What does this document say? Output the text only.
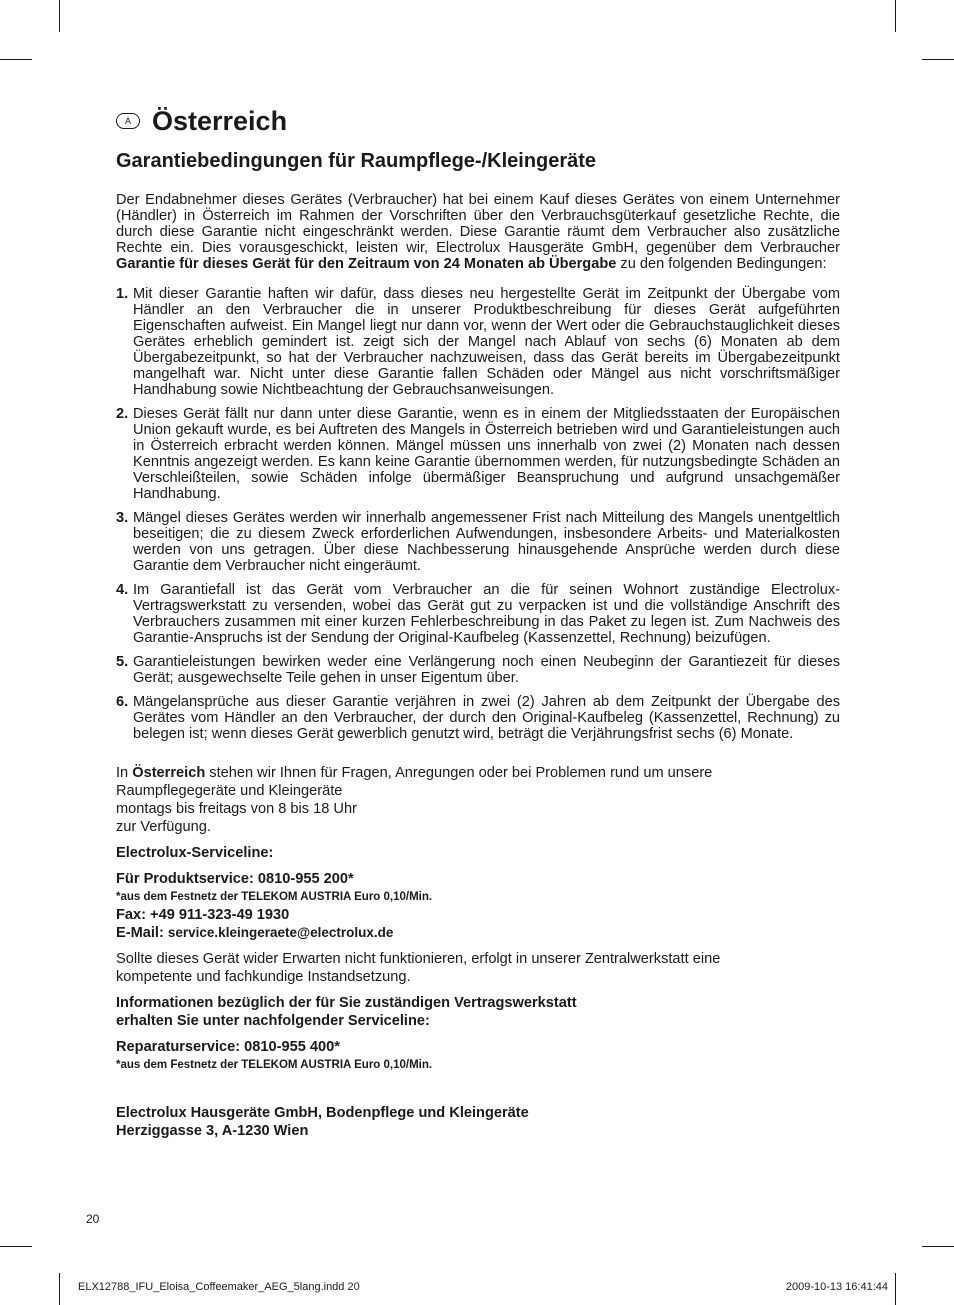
A Österreich
Garantiebedingungen für Raumpflege-/Kleingeräte

Der Endabnehmer dieses Gerätes (Verbraucher) hat bei einem Kauf dieses Gerätes von einem Unternehmer (Händler) in Österreich im Rahmen der Vorschriften über den Verbrauchsgüterkauf gesetzliche Rechte, die durch diese Garantie nicht eingeschränkt werden. Diese Garantie räumt dem Verbraucher also zusätzliche Rechte ein. Dies vorausgeschickt, leisten wir, Electrolux Hausgeräte GmbH, gegenüber dem Verbraucher Garantie für dieses Gerät für den Zeitraum von 24 Monaten ab Übergabe zu den folgenden Bedingungen:

1. Mit dieser Garantie haften wir dafür, dass dieses neu hergestellte Gerät im Zeitpunkt der Übergabe vom Händler an den Verbraucher die in unserer Produktbeschreibung für dieses Gerät aufgeführten Eigenschaften aufweist. Ein Mangel liegt nur dann vor, wenn der Wert oder die Gebrauchstauglichkeit dieses Gerätes erheblich gemindert ist. zeigt sich der Mangel nach Ablauf von sechs (6) Monaten ab dem Übergabezeitpunkt, so hat der Verbraucher nachzuweisen, dass das Gerät bereits im Übergabezeitpunkt mangelhaft war. Nicht unter diese Garantie fallen Schäden oder Mängel aus nicht vorschriftsmäßiger Handhabung sowie Nichtbeachtung der Gebrauchsanweisungen.
2. Dieses Gerät fällt nur dann unter diese Garantie, wenn es in einem der Mitgliedsstaaten der Europäischen Union gekauft wurde, es bei Auftreten des Mangels in Österreich betrieben wird und Garantieleistungen auch in Österreich erbracht werden können. Mängel müssen uns innerhalb von zwei (2) Monaten nach dessen Kenntnis angezeigt werden. Es kann keine Garantie übernommen werden, für nutzungsbedingte Schäden an Verschleißteilen, sowie Schäden infolge übermäßiger Beanspruchung und aufgrund unsachgemäßer Handhabung.
3. Mängel dieses Gerätes werden wir innerhalb angemessener Frist nach Mitteilung des Mangels unentgeltlich beseitigen; die zu diesem Zweck erforderlichen Aufwendungen, insbesondere Arbeits- und Materialkosten werden von uns getragen. Über diese Nachbesserung hinausgehende Ansprüche werden durch diese Garantie dem Verbraucher nicht eingeräumt.
4. Im Garantiefall ist das Gerät vom Verbraucher an die für seinen Wohnort zuständige Electrolux-Vertragswerkstatt zu versenden, wobei das Gerät gut zu verpacken ist und die vollständige Anschrift des Verbrauchers zusammen mit einer kurzen Fehlerbeschreibung in das Paket zu legen ist. Zum Nachweis des Garantie-Anspruchs ist der Sendung der Original-Kaufbeleg (Kassenzettel, Rechnung) beizufügen.
5. Garantieleistungen bewirken weder eine Verlängerung noch einen Neubeginn der Garantiezeit für dieses Gerät; ausgewechselte Teile gehen in unser Eigentum über.
6. Mängelansprüche aus dieser Garantie verjähren in zwei (2) Jahren ab dem Zeitpunkt der Übergabe des Gerätes vom Händler an den Verbraucher, der durch den Original-Kaufbeleg (Kassenzettel, Rechnung) zu belegen ist; wenn dieses Gerät gewerblich genutzt wird, beträgt die Verjährungsfrist sechs (6) Monate.
In Österreich stehen wir Ihnen für Fragen, Anregungen oder bei Problemen rund um unsere
Raumpflegegeräte und Kleingeräte
montags bis freitags von 8 bis 18 Uhr
zur Verfügung.
Electrolux-Serviceline:
Für Produktservice: 0810-955 200*
*aus dem Festnetz der TELEKOM AUSTRIA Euro 0,10/Min.
Fax: +49 911-323-49 1930
E-Mail: service.kleingeraete@electrolux.de
Sollte dieses Gerät wider Erwarten nicht funktionieren, erfolgt in unserer Zentralwerkstatt eine
kompetente und fachkundige Instandsetzung.
Informationen bezüglich der für Sie zuständigen Vertragswerkstatt
erhalten Sie unter nachfolgender Serviceline:
Reparaturservice: 0810-955 400*
*aus dem Festnetz der TELEKOM AUSTRIA Euro 0,10/Min.
Electrolux Hausgeräte GmbH, Bodenpflege und Kleingeräte
Herziggasse 3, A-1230 Wien
20
ELX12788_IFU_Eloisa_Coffeemaker_AEG_5lang.indd 20	2009-10-13 16:41:44
